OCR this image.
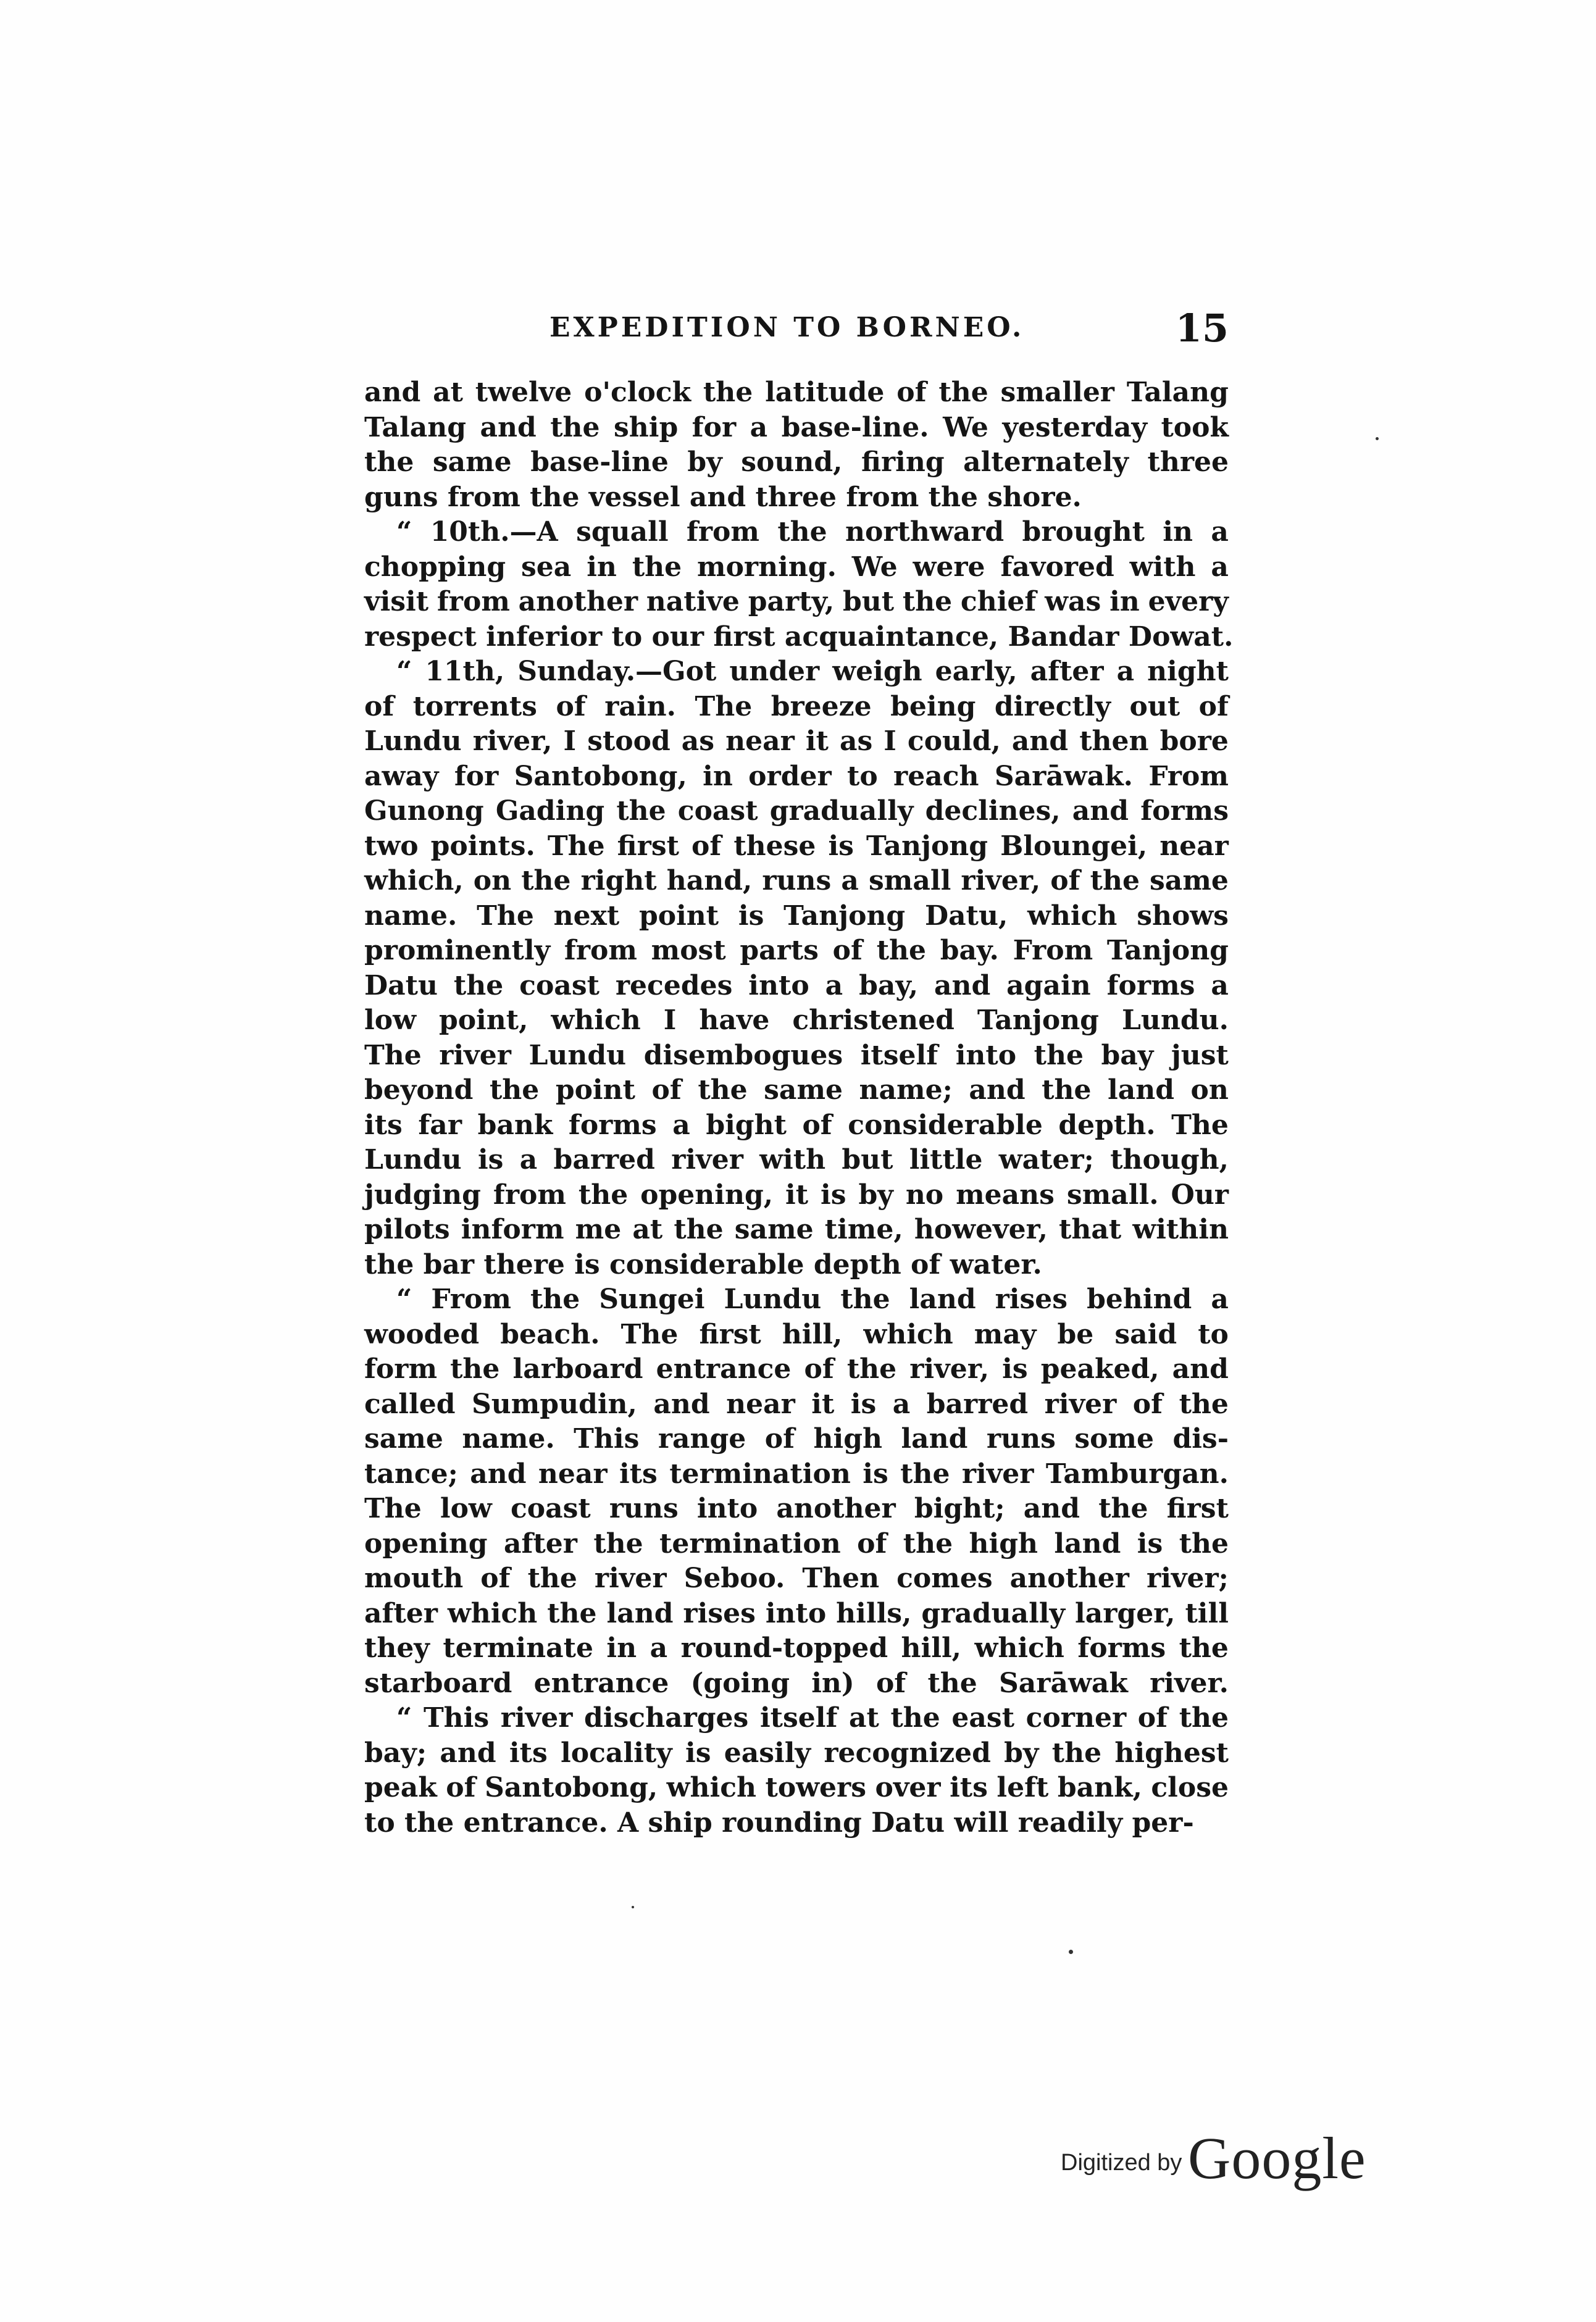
EXPEDITION TO BORNEO.	15
and at twelve o'clock the latitude of the smaller Talang
Talang and the ship for a base-line. We yesterday took
the same base-line by sound, firing alternately three
guns from the vessel and three from the shore.
“ 10th.—A squall from the northward brought in a
chopping sea in the morning. We were favored with a
visit from another native party, but the chief was in every
respect inferior to our first acquaintance, Bandar Dowat.
“ 11th, Sunday.—Got under weigh early, after a night
of torrents of rain. The breeze being directly out of
Lundu river, I stood as near it as I could, and then bore
away for Santobong, in order to reach Sarāwak. From
Gunong Gading the coast gradually declines, and forms
two points. The first of these is Tanjong Bloungei, near
which, on the right hand, runs a small river, of the same
name. The next point is Tanjong Datu, which shows
prominently from most parts of the bay. From Tanjong
Datu the coast recedes into a bay, and again forms a
low point, which I have christened Tanjong Lundu.
The river Lundu disembogues itself into the bay just
beyond the point of the same name; and the land on
its far bank forms a bight of considerable depth. The
Lundu is a barred river with but little water; though,
judging from the opening, it is by no means small. Our
pilots inform me at the same time, however, that within
the bar there is considerable depth of water.
“ From the Sungei Lundu the land rises behind a
wooded beach. The first hill, which may be said to
form the larboard entrance of the river, is peaked, and
called Sumpudin, and near it is a barred river of the
same name. This range of high land runs some dis-
tance; and near its termination is the river Tamburgan.
The low coast runs into another bight; and the first
opening after the termination of the high land is the
mouth of the river Seboo. Then comes another river;
after which the land rises into hills, gradually larger, till
they terminate in a round-topped hill, which forms the
starboard entrance (going in) of the Sarāwak river.
“ This river discharges itself at the east corner of the
bay; and its locality is easily recognized by the highest
peak of Santobong, which towers over its left bank, close
to the entrance. A ship rounding Datu will readily per-
Digitized by Google
